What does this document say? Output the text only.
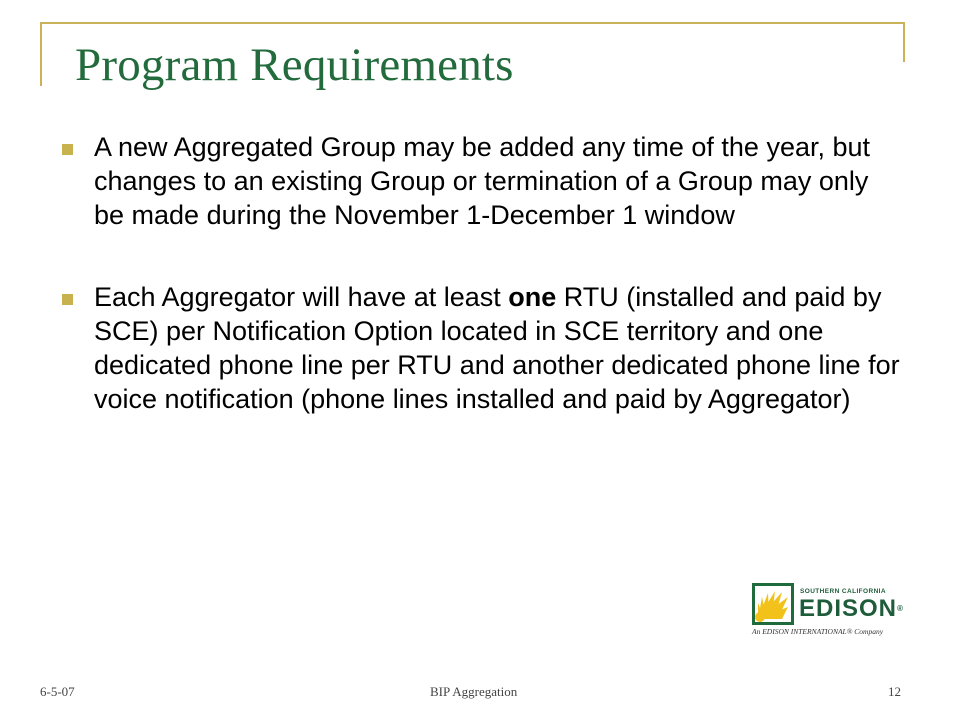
Program Requirements
A new Aggregated Group may be added any time of the year, but changes to an existing Group or termination of a Group may only be made during the November 1-December 1 window
Each Aggregator will have at least one RTU (installed and paid by SCE) per Notification Option located in SCE territory and one dedicated phone line per RTU and another dedicated phone line for voice notification (phone lines installed and paid by Aggregator)
SOUTHERN CALIFORNIA
EDISON®
An EDISON INTERNATIONAL® Company
6-5-07	BIP Aggregation	12
